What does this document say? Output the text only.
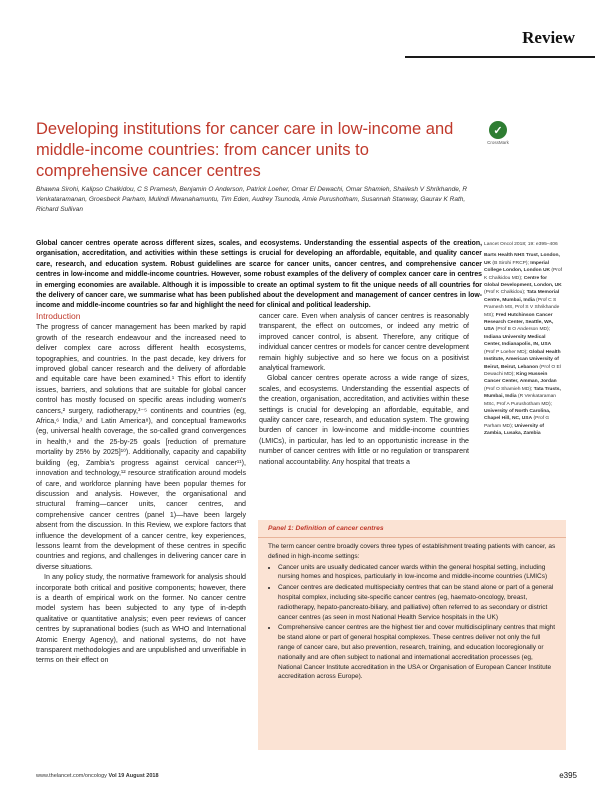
Review
Developing institutions for cancer care in low-income and middle-income countries: from cancer units to comprehensive cancer centres
✓
CrossMark
Bhawna Sirohi, Kalipso Chalkidou, C S Pramesh, Benjamin O Anderson, Patrick Loeher, Omar El Dewachi, Omar Shamieh, Shailesh V Shrikhande, R Venkataramanan, Groesbeck Parham, Mulindi Mwanahamuntu, Tim Eden, Audrey Tsunoda, Amie Purushotham, Susannah Stanway, Gaurav K Rath, Richard Sullivan
Global cancer centres operate across different sizes, scales, and ecosystems. Understanding the essential aspects of the creation, organisation, accreditation, and activities within these settings is crucial for developing an affordable, equitable, and quality cancer care, research, and education system. Robust guidelines are scarce for cancer units, cancer centres, and comprehensive cancer centres in low-income and middle-income countries. However, some robust examples of the delivery of complex cancer care in centres in emerging economies are available. Although it is impossible to create an optimal system to fit the unique needs of all countries for the delivery of cancer care, we summarise what has been published about the development and management of cancer centres in low-income and middle-income countries so far and highlight the need for clinical and political leadership.
Lancet Oncol 2018; 19: e395–406
Barts Health NHS Trust, London, UK (B Sirohi FRCP); Imperial College London, London UK (Prof K Chalkidou MD); Centre for Global Development, London, UK (Prof K Chalkidou); Tata Memorial Centre, Mumbai, India (Prof C S Pramesh MS, Prof S V Shrikhande MS); Fred Hutchinson Cancer Research Center, Seattle, WA, USA (Prof B O Anderson MD); Indiana University Medical Center, Indianapolis, IN, USA (Prof P Loeher MD); Global Health Institute, American University of Beirut, Beirut, Lebanon (Prof O El Dewachi MD); King Hussein Cancer Center, Amman, Jordan (Prof O Shamieh MD); Tata Trusts, Mumbai, India (R Venkataraman MSc, Prof A Purushotham MD); University of North Carolina, Chapel Hill, NC, USA (Prof G Parham MD); University of Zambia, Lusaka, Zambia
Introduction

The progress of cancer management has been marked by rapid growth of the research endeavour and the increased need to deliver complex care across different health ecosystems, topographies, and countries. In the past decade, key drivers for improved global cancer research and the delivery of affordable and equitable care have been examined.¹ This effort to identify issues, barriers, and solutions that are suitable for global cancer control has mostly focused on specific areas including women's cancers,² surgery, radiotherapy,³⁻⁵ continents and countries (eg, Africa,⁶ India,⁷ and Latin America⁸), and conceptual frameworks (eg, universal health coverage, the so-called grand convergences in health,⁹ and the 25-by-25 goals [reduction of premature mortality by 25% by 2025]¹⁰). Additionally, capacity and capability building (eg, Zambia's progress against cervical cancer¹¹), innovation and technology,¹² resource stratification around models of care, and workforce planning have been popular themes for discussion and analysis. However, the organisational and structural framing—cancer units, cancer centres, and comprehensive cancer centres (panel 1)—have been largely absent from the discussion. In this Review, we explore factors that influence the development of a cancer centre, key experiences, lessons learnt from the development of these centres in specific countries and regions, and challenges in delivering cancer care in diverse situations.

In any policy study, the normative framework for analysis should incorporate both critical and positive components; however, there is a dearth of empirical work on the former. No cancer centre model system has been subjected to any type of in-depth qualitative or quantitative analysis; even peer reviews of cancer centres by supranational bodies (such as WHO and International Atomic Energy Agency), and national systems, do not have transparent methodologies and are unpublished and unverifiable in terms on their effect on

cancer care. Even when analysis of cancer centres is reasonably transparent, the effect on outcomes, or indeed any metric of improved cancer control, is absent. Therefore, any critique of individual cancer centres or models for cancer centre development remain highly subjective and so here we focus on a positivist analytical framework.

Global cancer centres operate across a wide range of sizes, scales, and ecosystems. Understanding the essential aspects of the creation, organisation, accreditation, and activities within these settings is crucial for developing an affordable, equitable, and quality cancer care, research, and education system. The growing burden of cancer in low-income and middle-income countries (LMICs), in particular, has led to an opportunistic increase in the number of cancer centres with little or no regulation or transparent national accountability. Any hospital that treats a

Panel 1: Definition of cancer centres

The term cancer centre broadly covers three types of establishment treating patients with cancer, as defined in high-income settings:

• Cancer units are usually dedicated cancer wards within the general hospital setting, including nursing homes and hospices, particularly in low-income and middle-income countries (LMICs)
• Cancer centres are dedicated multispecialty centres that can be stand alone or part of a general hospital complex, including site-specific cancer centres (eg, haemato-oncology, breast, radiotherapy, hepato-pancreato-biliary, and palliative) often referred to as secondary or district cancer centres (as seen in most National Health Service hospitals in the UK)
• Comprehensive cancer centres are the highest tier and cover multidisciplinary centres that might be stand alone or part of general hospital complexes. These centres deliver not only the full range of cancer care, but also prevention, research, training, and education locoregionally or nationally and are often subject to national and international accreditation processes (eg, National Cancer Institute accreditation in the USA or Organisation of European Cancer Institute accreditation across Europe).
www.thelancet.com/oncology Vol 19 August 2018	e395
